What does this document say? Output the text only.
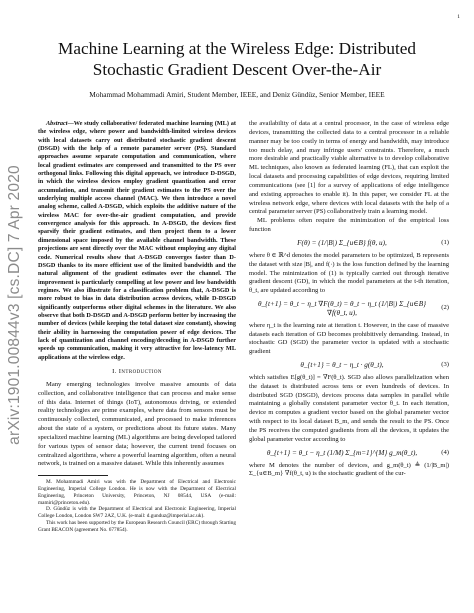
1
arXiv:1901.00844v3 [cs.DC] 7 Apr 2020
Machine Learning at the Wireless Edge: Distributed Stochastic Gradient Descent Over-the-Air
Mohammad Mohammadi Amiri, Student Member, IEEE, and Deniz Gündüz, Senior Member, IEEE

Abstract—We study collaborative/ federated machine learning (ML) at the wireless edge, where power and bandwidth-limited wireless devices with local datasets carry out distributed stochastic gradient descent (DSGD) with the help of a remote parameter server (PS). Standard approaches assume separate computation and communication, where local gradient estimates are compressed and transmitted to the PS over orthogonal links. Following this digital approach, we introduce D-DSGD, in which the wireless devices employ gradient quantization and error accumulation, and transmit their gradient estimates to the PS over the underlying multiple access channel (MAC). We then introduce a novel analog scheme, called A-DSGD, which exploits the additive nature of the wireless MAC for over-the-air gradient computation, and provide convergence analysis for this approach. In A-DSGD, the devices first sparsify their gradient estimates, and then project them to a lower dimensional space imposed by the available channel bandwidth. These projections are sent directly over the MAC without employing any digital code. Numerical results show that A-DSGD converges faster than D-DSGD thanks to its more efficient use of the limited bandwidth and the natural alignment of the gradient estimates over the channel. The improvement is particularly compelling at low power and low bandwidth regimes. We also illustrate for a classification problem that, A-DSGD is more robust to bias in data distribution across devices, while D-DSGD significantly outperforms other digital schemes in the literature. We also observe that both D-DSGD and A-DSGD perform better by increasing the number of devices (while keeping the total dataset size constant), showing their ability in harnessing the computation power of edge devices. The lack of quantization and channel encoding/decoding in A-DSGD further speeds up communication, making it very attractive for low-latency ML applications at the wireless edge.

I. Introduction

Many emerging technologies involve massive amounts of data collection, and collaborative intelligence that can process and make sense of this data. Internet of things (IoT), autonomous driving, or extended reality technologies are prime examples, where data from sensors must be continuously collected, communicated, and processed to make inferences about the state of a system, or predictions about its future states. Many specialized machine learning (ML) algorithms are being developed tailored for various types of sensor data; however, the current trend focuses on centralized algorithms, where a powerful learning algorithm, often a neural network, is trained on a massive dataset. While this inherently assumes

M. Mohammadi Amiri was with the Department of Electrical and Electronic Engineering, Imperial College London. He is now with the Department of Electrical Engineering, Princeton University, Princeton, NJ 08544, USA (e-mail: mamiri@princeton.edu).

D. Gündüz is with the Department of Electrical and Electronic Engineering, Imperial College London, London SW7 2AZ, U.K. (e-mail: d.gunduz@imperial.ac.uk).

This work has been supported by the European Research Council (ERC) through Starting Grant BEACON (agreement No. 677854).

the availability of data at a central processor, in the case of wireless edge devices, transmitting the collected data to a central processor in a reliable manner may be too costly in terms of energy and bandwidth, may introduce too much delay, and may infringe users' constraints. Therefore, a much more desirable and practically viable alternative is to develop collaborative ML techniques, also known as federated learning (FL), that can exploit the local datasets and processing capabilities of edge devices, requiring limited communications (see [1] for a survey of applications of edge intelligence and existing approaches to enable it). In this paper, we consider FL at the wireless network edge, where devices with local datasets with the help of a central parameter server (PS) collaboratively train a learning model.

ML problems often require the minimization of the empirical loss function

F(θ) = (1/|B|) Σ_{u∈B} f(θ, u),	(1)

where θ ∈ ℝ^d denotes the model parameters to be optimized, B represents the dataset with size |B|, and f(·) is the loss function defined by the learning model. The minimization of (1) is typically carried out through iterative gradient descent (GD), in which the model parameters at the t-th iteration, θ_t, are updated according to

θ_{t+1} = θ_t − η_t ∇F(θ_t) = θ_t − η_t (1/|B|) Σ_{u∈B} ∇f(θ_t, u),
(2)

where η_t is the learning rate at iteration t. However, in the case of massive datasets each iteration of GD becomes prohibitively demanding. Instead, in stochastic GD (SGD) the parameter vector is updated with a stochastic gradient

θ_{t+1} = θ_t − η_t · g(θ_t),	(3)

which satisfies E[g(θ_t)] = ∇F(θ_t). SGD also allows parallelization when the dataset is distributed across tens or even hundreds of devices. In distributed SGD (DSGD), devices process data samples in parallel while maintaining a globally consistent parameter vector θ_t. In each iteration, device m computes a gradient vector based on the global parameter vector with respect to its local dataset B_m, and sends the result to the PS. Once the PS receives the computed gradients from all the devices, it updates the global parameter vector according to

θ_{t+1} = θ_t − η_t (1/M) Σ_{m=1}^{M} g_m(θ_t),	(4)

where M denotes the number of devices, and g_m(θ_t) ≜ (1/|B_m|) Σ_{u∈B_m} ∇f(θ_t, u) is the stochastic gradient of the cur-
